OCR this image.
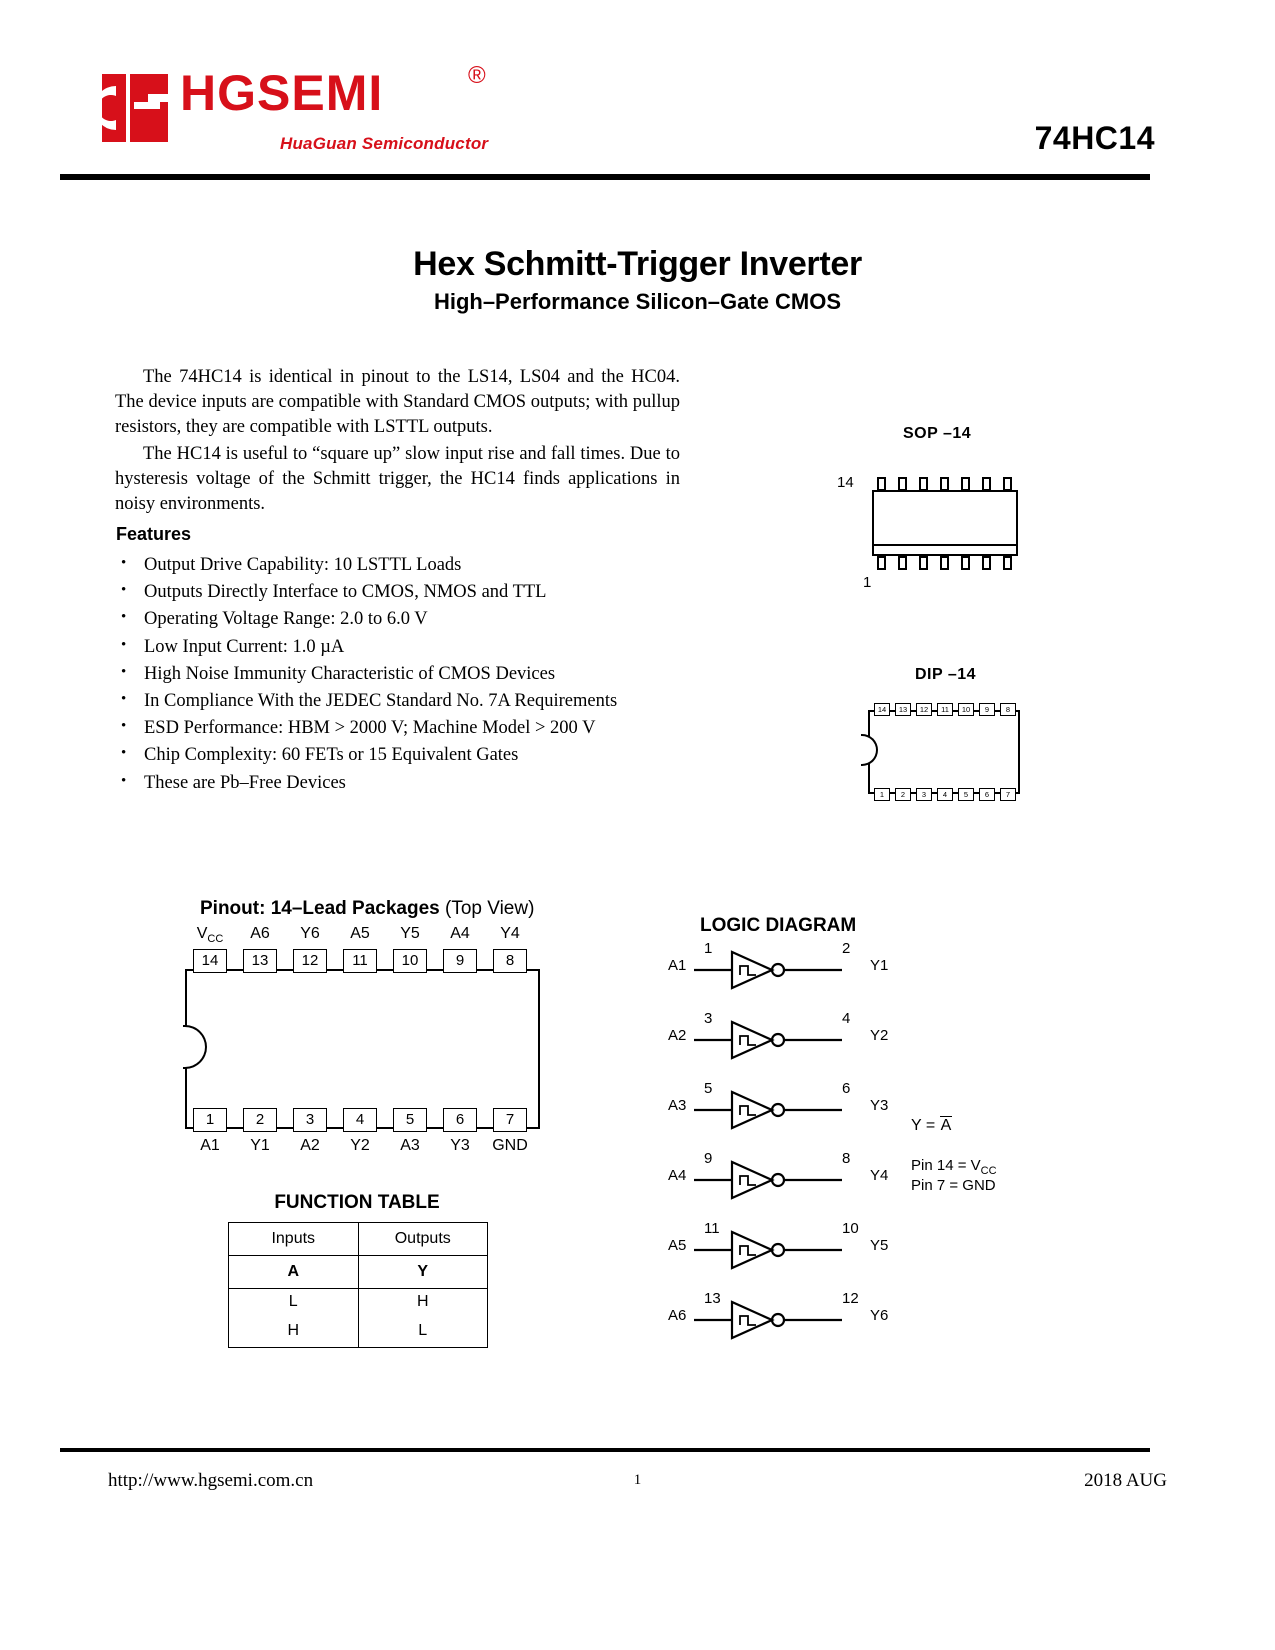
HGSEMI	®
HuaGuan Semiconductor	74HC14
Hex Schmitt-Trigger Inverter
High–Performance Silicon–Gate CMOS

The 74HC14 is identical in pinout to the LS14, LS04 and the HC04. The device inputs are compatible with Standard CMOS outputs; with pullup resistors, they are compatible with LSTTL outputs.

The HC14 is useful to “square up” slow input rise and fall times. Due to hysteresis voltage of the Schmitt trigger, the HC14 finds applications in noisy environments.

Features
• Output Drive Capability: 10 LSTTL Loads
• Outputs Directly Interface to CMOS, NMOS and TTL
• Operating Voltage Range: 2.0 to 6.0 V
• Low Input Current: 1.0 µA
• High Noise Immunity Characteristic of CMOS Devices
• In Compliance With the JEDEC Standard No. 7A Requirements
• ESD Performance: HBM > 2000 V; Machine Model > 200 V
• Chip Complexity: 60 FETs or 15 Equivalent Gates
• These are Pb–Free Devices
SOP –14
14
1
DIP –14
14	13	12	11	10	9	8
1	2	3	4	5	6	7
Pinout: 14–Lead Packages (Top View)
$V_{CC}$	A6	Y6	A5	Y5	A4	Y4
14	13	12	11	10	9	8
1	2	3	4	5	6	7
A1	Y1	A2	Y2	A3	Y3	GND
FUNCTION TABLE
Inputs	Outputs
A	Y
L	H
H	L
LOGIC DIAGRAM
A1
1	2
Y1
A2
3	4
Y2
A3
5	6
Y3
A4
9	8
Y4
A5
11	10
Y5
A6
13	12
Y6
Y = A
Pin $14 = V_{CC}$
Pin 7 = GND
http://www.hgsemi.com.cn	1	2018 AUG
